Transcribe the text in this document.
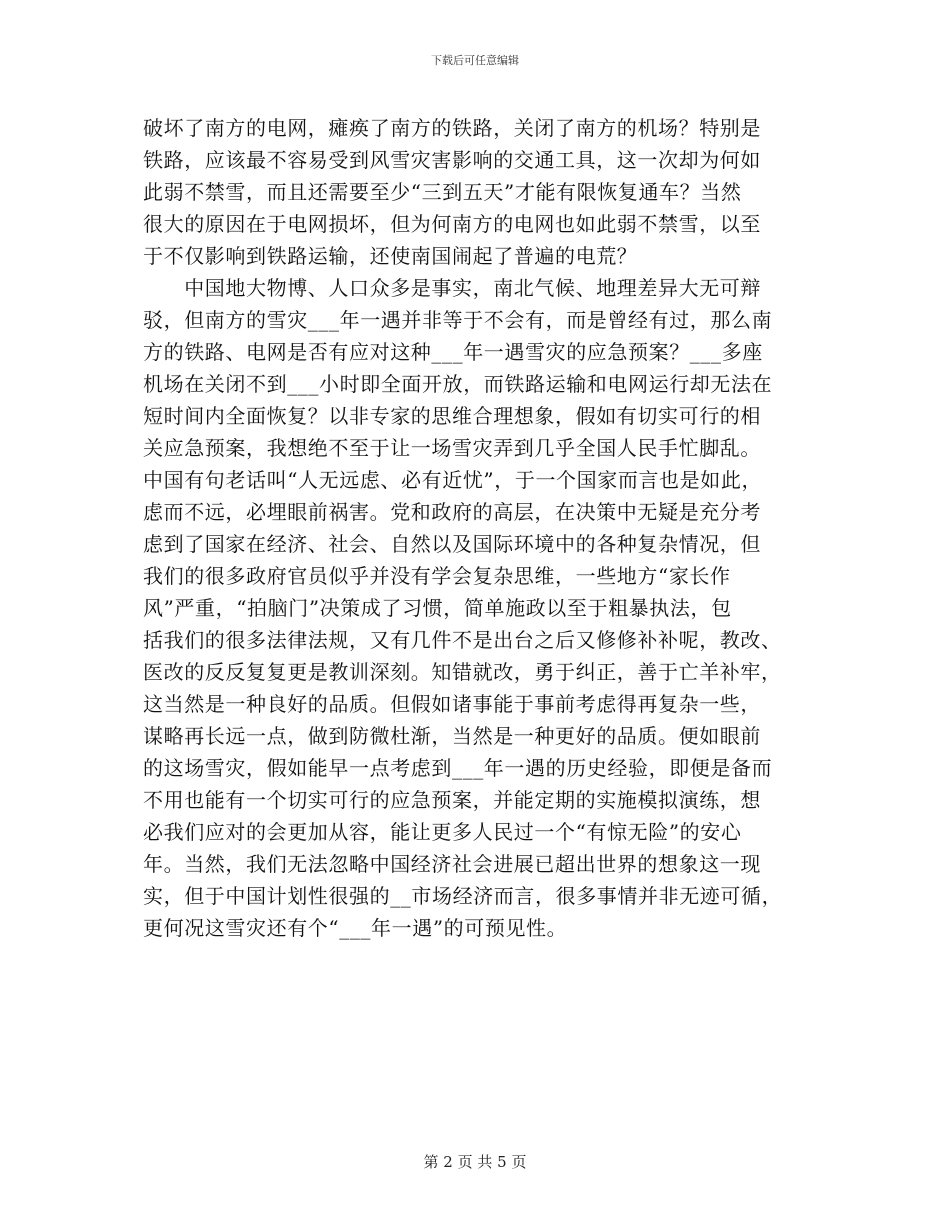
下载后可任意编辑
破坏了南方的电网，瘫痪了南方的铁路，关闭了南方的机场？特别是
铁路，应该最不容易受到风雪灾害影响的交通工具，这一次却为何如
此弱不禁雪，而且还需要至少“三到五天”才能有限恢复通车？当然
很大的原因在于电网损坏，但为何南方的电网也如此弱不禁雪，以至
于不仅影响到铁路运输，还使南国闹起了普遍的电荒？
　　中国地大物博、人口众多是事实，南北气候、地理差异大无可辩
驳，但南方的雪灾___年一遇并非等于不会有，而是曾经有过，那么南
方的铁路、电网是否有应对这种___年一遇雪灾的应急预案？___多座
机场在关闭不到___小时即全面开放，而铁路运输和电网运行却无法在
短时间内全面恢复？以非专家的思维合理想象，假如有切实可行的相
关应急预案，我想绝不至于让一场雪灾弄到几乎全国人民手忙脚乱。
中国有句老话叫“人无远虑、必有近忧”，于一个国家而言也是如此，
虑而不远，必埋眼前祸害。党和政府的高层，在决策中无疑是充分考
虑到了国家在经济、社会、自然以及国际环境中的各种复杂情况，但
我们的很多政府官员似乎并没有学会复杂思维，一些地方“家长作
风”严重，“拍脑门”决策成了习惯，简单施政以至于粗暴执法，包
括我们的很多法律法规，又有几件不是出台之后又修修补补呢，教改、
医改的反反复复更是教训深刻。知错就改，勇于纠正，善于亡羊补牢，
这当然是一种良好的品质。但假如诸事能于事前考虑得再复杂一些，
谋略再长远一点，做到防微杜渐，当然是一种更好的品质。便如眼前
的这场雪灾，假如能早一点考虑到___年一遇的历史经验，即便是备而
不用也能有一个切实可行的应急预案，并能定期的实施模拟演练，想
必我们应对的会更加从容，能让更多人民过一个“有惊无险”的安心
年。当然，我们无法忽略中国经济社会进展已超出世界的想象这一现
实，但于中国计划性很强的__市场经济而言，很多事情并非无迹可循，
更何况这雪灾还有个“___年一遇”的可预见性。
第 2 页 共 5 页
